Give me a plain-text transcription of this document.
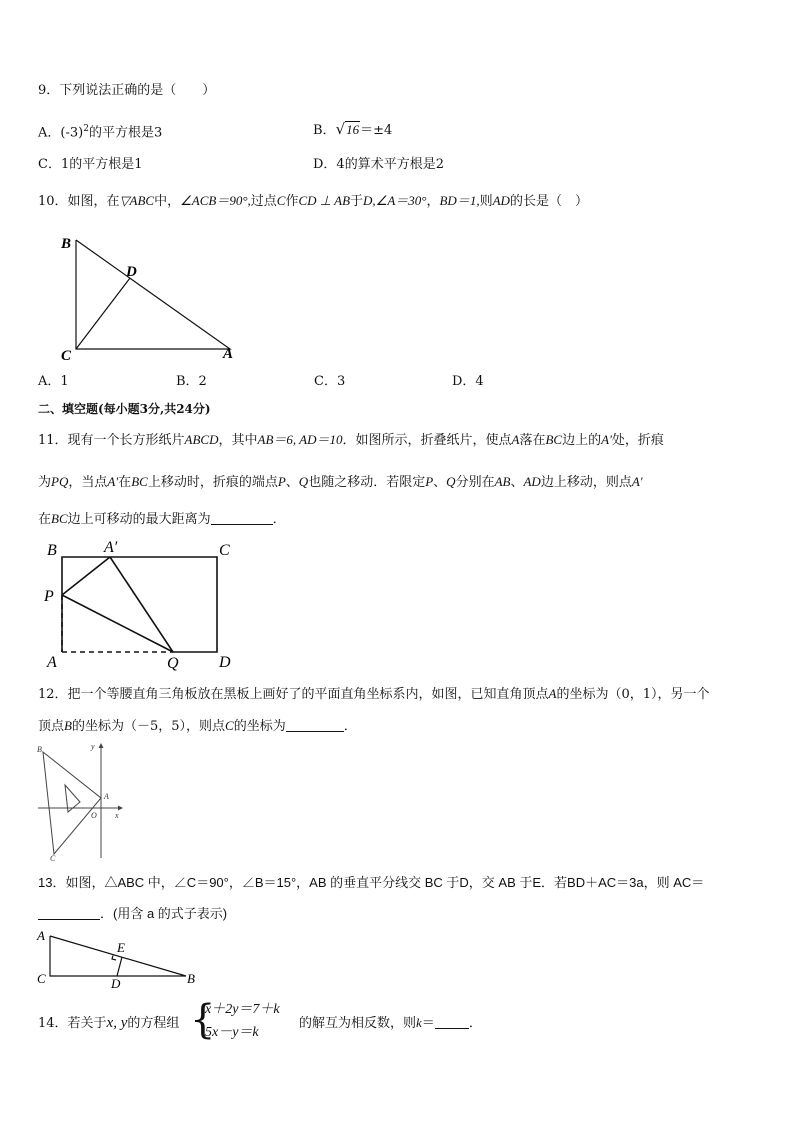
9．下列说法正确的是（　　）
A．$(-3)^2$的平方根是3	B．√16＝±4
C．1的平方根是1	D．4的算术平方根是2
10．如图，在▽ABC中，∠ACB＝90°,过点C作CD ⊥ AB于D,∠A＝30°，BD＝1,则AD的长是（　）
B
D
C	A
A．1	B．2	C．3	D．4
二、填空题(每小题3分,共24分)
11．现有一个长方形纸片ABCD，其中AB＝6, AD＝10．如图所示，折叠纸片，使点A落在BC边上的A′处，折痕
为PQ，当点A′在BC上移动时，折痕的端点P、Q也随之移动．若限定P、Q分别在AB、AD边上移动，则点A′
在BC边上可移动的最大距离为	．
B	A′	C
P
A	Q	D
12．把一个等腰直角三角板放在黑板上画好了的平面直角坐标系内，如图，已知直角顶点A的坐标为（0，1），另一个
顶点B的坐标为（－5，5），则点C的坐标为	．
B	y
A
O x
C
13．如图，△ABC 中，∠C＝90°，∠B＝15°，AB 的垂直平分线交 BC 于D，交 AB 于E．若BD＋AC＝3a，则 AC＝
．(用含 a 的式子表示)
A
E
C	D	B
14．若关于x, y的方程组 {
x＋2y＝7＋k
5x－y＝k
的解互为相反数，则k＝	．
